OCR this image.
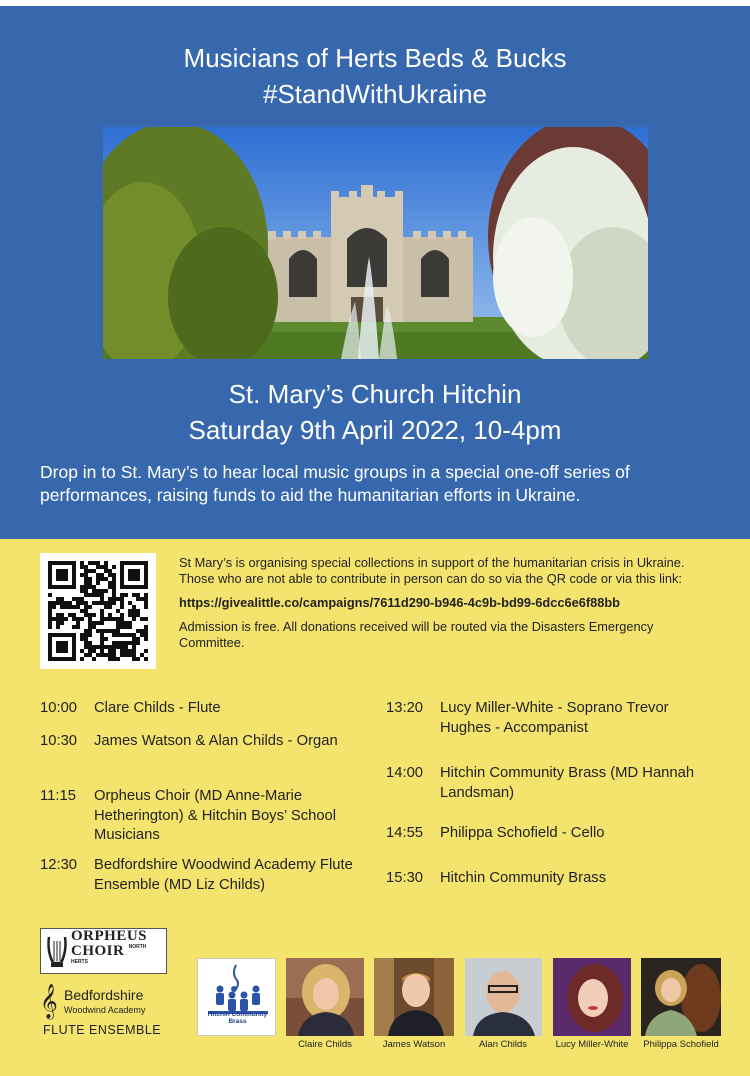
Musicians of Herts Beds & Bucks
#StandWithUkraine
St. Mary’s Church Hitchin
Saturday 9th April 2022, 10-4pm

Drop in to St. Mary’s to hear local music groups in a special one-off series of performances, raising funds to aid the humanitarian efforts in Ukraine.

St Mary’s is organising special collections in support of the humanitarian crisis in Ukraine. Those who are not able to contribute in person can do so via the QR code or via this link:

https://givealittle.co/campaigns/7611d290-b946-4c9b-bd99-6dcc6e6f88bb

Admission is free. All donations received will be routed via the Disasters Emergency Committee.

10:00	Clare Childs - Flute
10:30	James Watson & Alan Childs - Organ
11:15	Orpheus Choir (MD Anne-Marie Hetherington) & Hitchin Boys’ School Musicians
12:30	Bedfordshire Woodwind Academy Flute Ensemble (MD Liz Childs)
13:20	Lucy Miller-White - Soprano Trevor Hughes - Accompanist
14:00	Hitchin Community Brass (MD Hannah Landsman)
14:55	Philippa Schofield - Cello
15:30	Hitchin Community Brass
ORPHEUS
CHOIR $^{NORTH HERTS}$
𝄞 Bedfordshire
Woodwind Academy
FLUTE ENSEMBLE
Hitchin Community Brass
Claire Childs	James Watson	Alan Childs	Lucy Miller-White	Philippa Schofield
